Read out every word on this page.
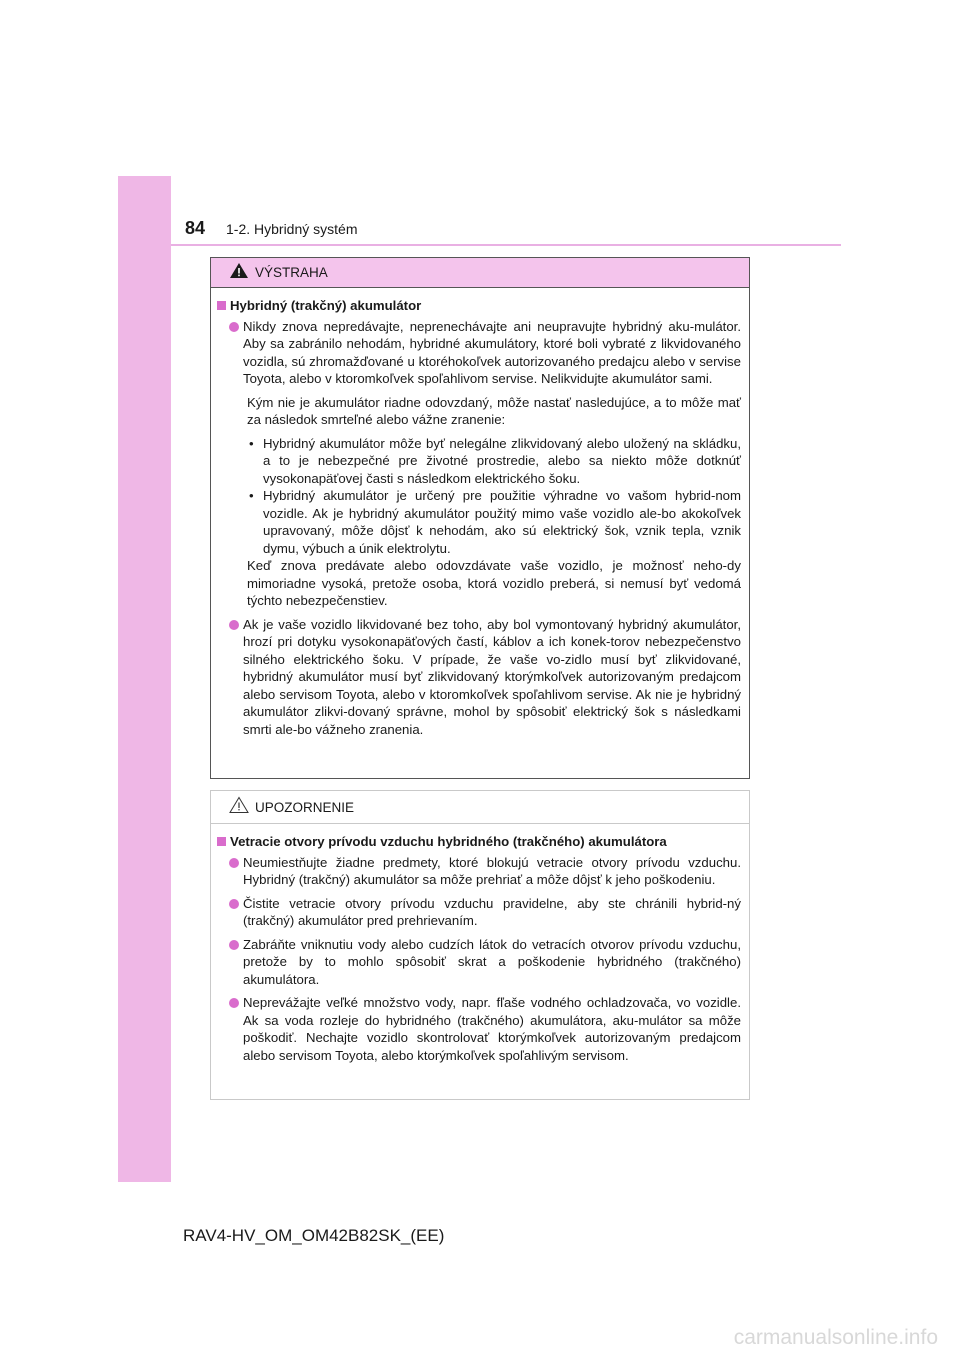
84 1-2. Hybridný systém
VÝSTRAHA
Hybridný (trakčný) akumulátor
Nikdy znova nepredávajte, neprenechávajte ani neupravujte hybridný aku-mulátor. Aby sa zabránilo nehodám, hybridné akumulátory, ktoré boli vybraté z likvidovaného vozidla, sú zhromažďované u ktoréhokoľvek autorizovaného predajcu alebo v servise Toyota, alebo v ktoromkoľvek spoľahlivom servise. Nelikvidujte akumulátor sami.
Kým nie je akumulátor riadne odovzdaný, môže nastať nasledujúce, a to môže mať za následok smrteľné alebo vážne zranenie:
• Hybridný akumulátor môže byť nelegálne zlikvidovaný alebo uložený na skládku, a to je nebezpečné pre životné prostredie, alebo sa niekto môže dotknúť vysokonapäťovej časti s následkom elektrického šoku.
• Hybridný akumulátor je určený pre použitie výhradne vo vašom hybrid-nom vozidle. Ak je hybridný akumulátor použitý mimo vaše vozidlo ale-bo akokoľvek upravovaný, môže dôjsť k nehodám, ako sú elektrický šok, vznik tepla, vznik dymu, výbuch a únik elektrolytu.
Keď znova predávate alebo odovzdávate vaše vozidlo, je možnosť neho-dy mimoriadne vysoká, pretože osoba, ktorá vozidlo preberá, si nemusí byť vedomá týchto nebezpečenstiev.
Ak je vaše vozidlo likvidované bez toho, aby bol vymontovaný hybridný akumulátor, hrozí pri dotyku vysokonapäťových častí, káblov a ich konek-torov nebezpečenstvo silného elektrického šoku. V prípade, že vaše vo-zidlo musí byť zlikvidované, hybridný akumulátor musí byť zlikvidovaný ktorýmkoľvek autorizovaným predajcom alebo servisom Toyota, alebo v ktoromkoľvek spoľahlivom servise. Ak nie je hybridný akumulátor zlikvi-dovaný správne, mohol by spôsobiť elektrický šok s následkami smrti ale-bo vážneho zranenia.
UPOZORNENIE
Vetracie otvory prívodu vzduchu hybridného (trakčného) akumulátora
Neumiestňujte žiadne predmety, ktoré blokujú vetracie otvory prívodu vzduchu. Hybridný (trakčný) akumulátor sa môže prehriať a môže dôjsť k jeho poškodeniu.
Čistite vetracie otvory prívodu vzduchu pravidelne, aby ste chránili hybrid-ný (trakčný) akumulátor pred prehrievaním.
Zabráňte vniknutiu vody alebo cudzích látok do vetracích otvorov prívodu vzduchu, pretože by to mohlo spôsobiť skrat a poškodenie hybridného (trakčného) akumulátora.
Neprevážajte veľké množstvo vody, napr. fľaše vodného ochladzovača, vo vozidle. Ak sa voda rozleje do hybridného (trakčného) akumulátora, aku-mulátor sa môže poškodiť. Nechajte vozidlo skontrolovať ktorýmkoľvek autorizovaným predajcom alebo servisom Toyota, alebo ktorýmkoľvek spoľahlivým servisom.
RAV4-HV_OM_OM42B82SK_(EE)
carmanualsonline.info
